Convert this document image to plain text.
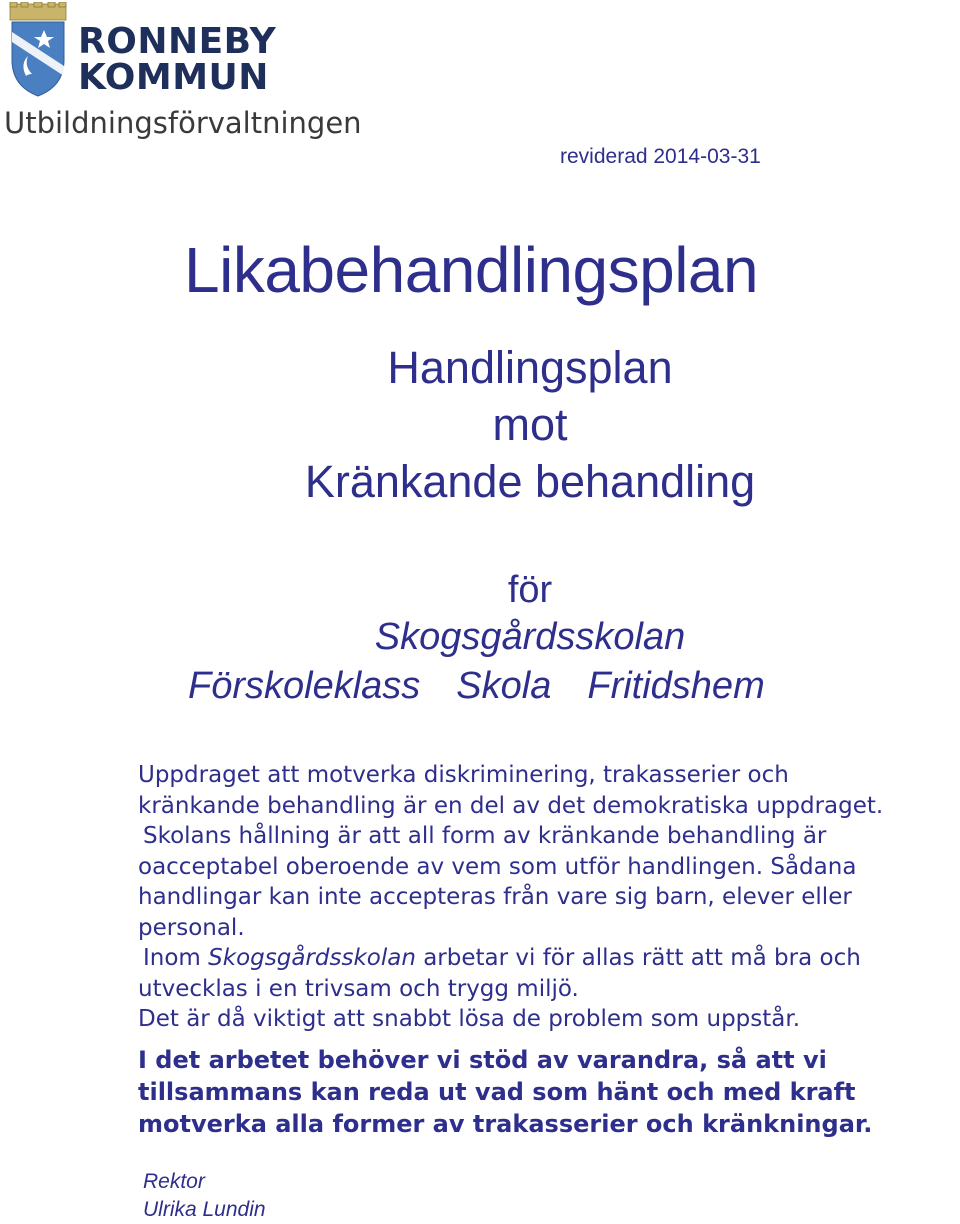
RONNEBY
KOMMUN
Utbildningsförvaltningen
reviderad 2014-03-31
Likabehandlingsplan
Handlingsplan
mot
Kränkande behandling
för
Skogsgårdsskolan
Förskoleklass Skola Fritidshem

Uppdraget att motverka diskriminering, trakasserier och

kränkande behandling är en del av det demokratiska uppdraget.

Skolans hållning är att all form av kränkande behandling är

oacceptabel oberoende av vem som utför handlingen. Sådana

handlingar kan inte accepteras från vare sig barn, elever eller

personal.

Inom Skogsgårdsskolan arbetar vi för allas rätt att må bra och

utvecklas i en trivsam och trygg miljö.

Det är då viktigt att snabbt lösa de problem som uppstår.

I det arbetet behöver vi stöd av varandra, så att vi

tillsammans kan reda ut vad som hänt och med kraft

motverka alla former av trakasserier och kränkningar.

Rektor
Ulrika Lundin
